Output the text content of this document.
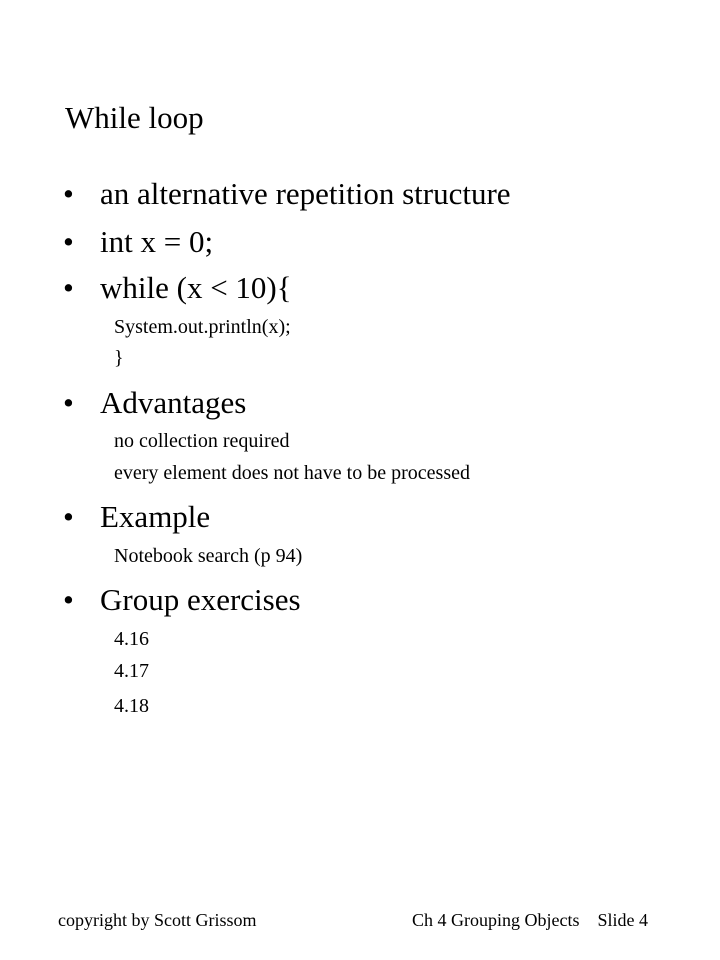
While loop
• an alternative repetition structure
• int x = 0;
• while (x < 10){
System.out.println(x);
}
• Advantages
no collection required
every element does not have to be processed
• Example
Notebook search (p 94)
• Group exercises
4.16
4.17
4.18
copyright by Scott Grissom	Ch 4 Grouping Objects Slide 4
